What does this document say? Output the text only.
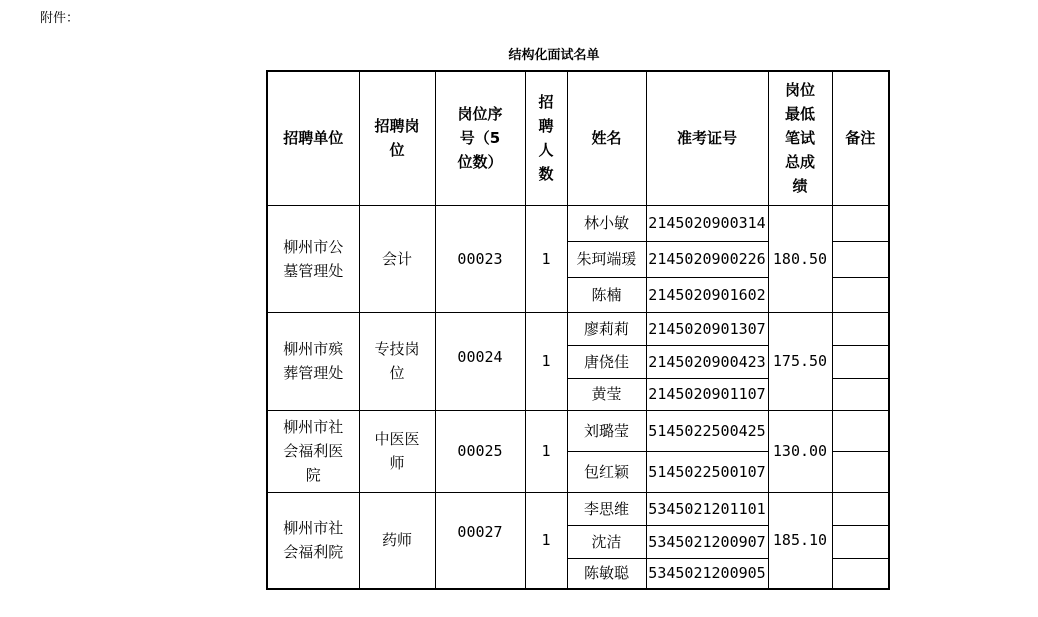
附件：
结构化面试名单
招聘单位	招聘岗位	岗位序号（5位数）	招聘人数	姓名	准考证号	岗位最低笔试总成绩	备注

柳州市公墓管理处	会计	00023	1	林小敏	2145020900314	180.50	
				朱珂端瑗	2145020900226		
				陈楠	2145020901602		

柳州市殡葬管理处	专技岗位	00024	1	廖莉莉	2145020901307	175.50	
				唐侥佳	2145020900423		
				黄莹	2145020901107		

柳州市社会福利医院	中医医师	00025	1	刘璐莹	5145022500425	130.00	
				包红颖	5145022500107		

柳州市社会福利院	药师	00027	1	李思维	5345021201101	185.10	
				沈洁	5345021200907		
				陈敏聪	5345021200905		
